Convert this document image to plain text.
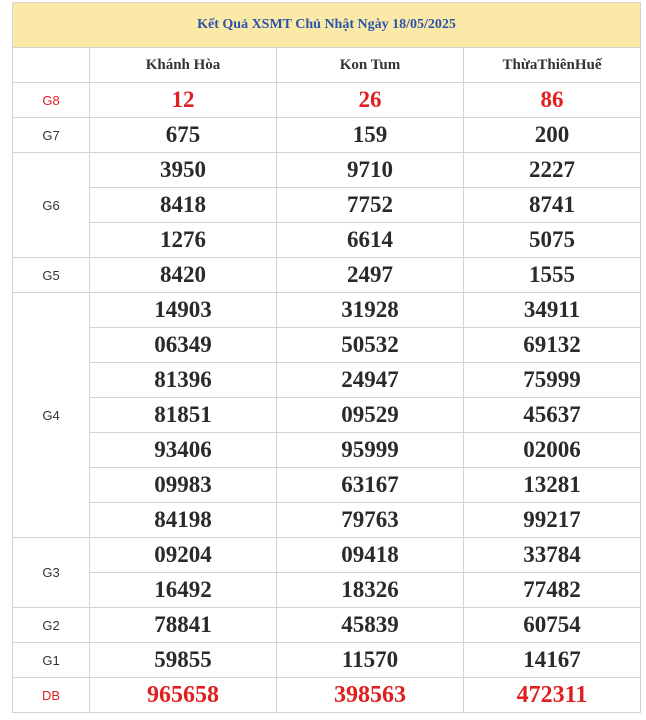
Kết Quả XSMT Chủ Nhật Ngày 18/05/2025			
	Khánh Hòa	Kon Tum	ThừaThiênHuế
G8	12	26	86
G7	675	159	200
G6	3950	9710	2227
	8418	7752	8741
	1276	6614	5075
G5	8420	2497	1555
G4	14903	31928	34911
	06349	50532	69132
	81396	24947	75999
	81851	09529	45637
	93406	95999	02006
	09983	63167	13281
	84198	79763	99217
G3	09204	09418	33784
	16492	18326	77482
G2	78841	45839	60754
G1	59855	11570	14167
DB	965658	398563	472311
